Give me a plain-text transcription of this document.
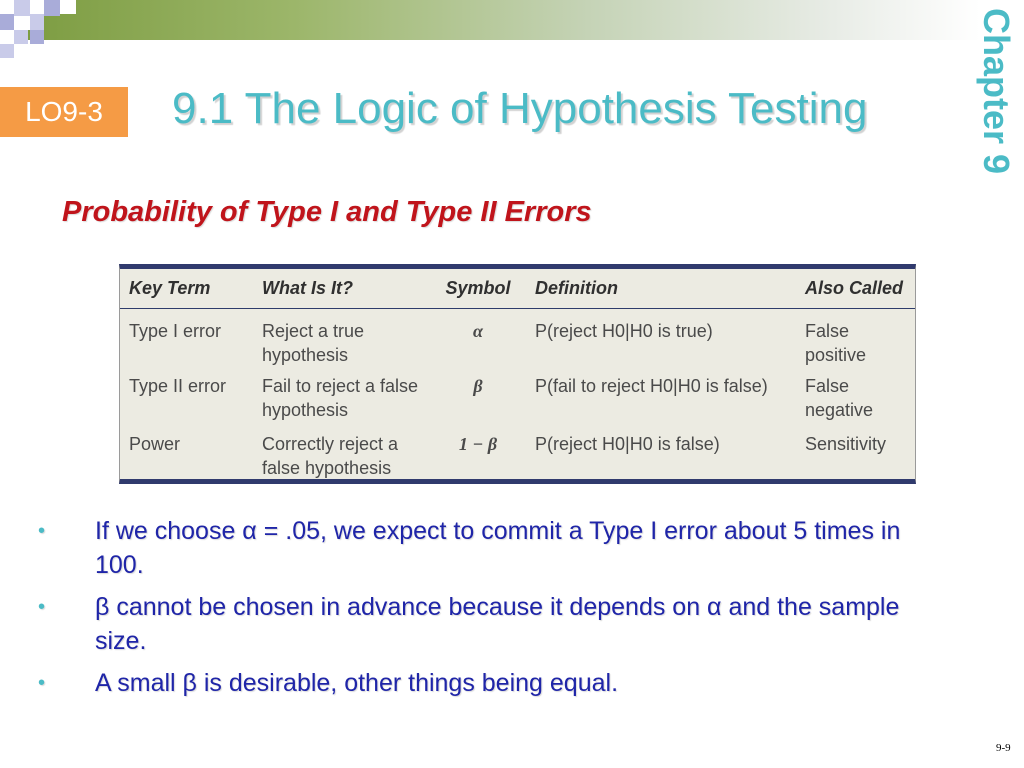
LO9-3	9.1 The Logic of Hypothesis Testing	Chapter 9
Probability of Type I and Type II Errors
Key Term	What Is It?	Symbol	Definition	Also Called
Type I error	Reject a true hypothesis	α	P(reject H0|H0 is true)	False positive
Type II error	Fail to reject a false hypothesis	β	P(fail to reject H0|H0 is false)	False negative
Power	Correctly reject a false hypothesis	1 − β	P(reject H0|H0 is false)	Sensitivity
• If we choose α = .05, we expect to commit a Type I error about 5 times in 100.
• β cannot be chosen in advance because it depends on α and the sample size.
• A small β is desirable, other things being equal.
9-9
